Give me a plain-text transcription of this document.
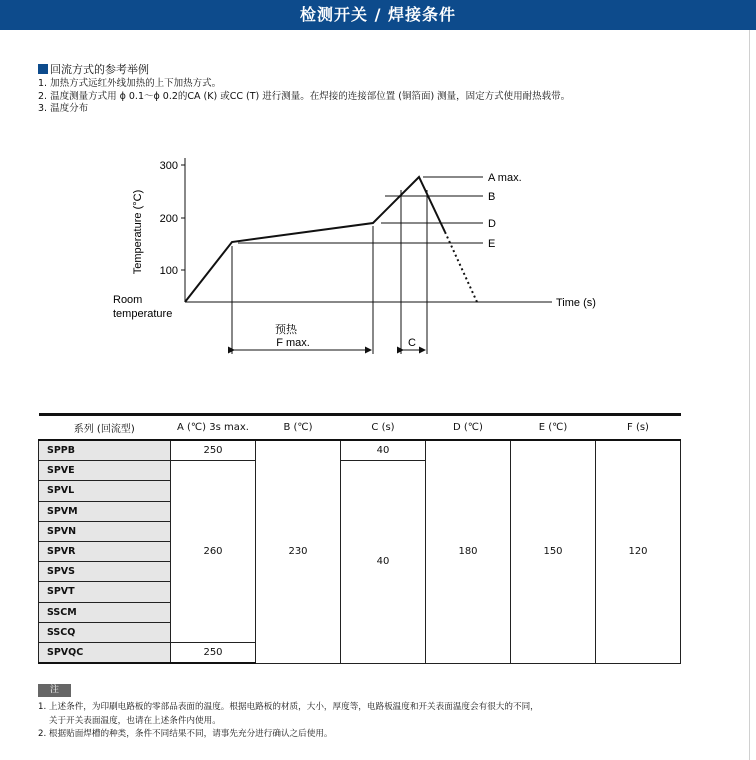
检测开关 / 焊接条件
回流方式的参考举例
1. 加热方式远红外线加热的上下加热方式。
2. 温度测量方式用 ϕ 0.1～ϕ 0.2的CA (K) 或CC (T) 进行测量。在焊接的连接部位置 (铜箔面) 测量，固定方式使用耐热载带。
3. 温度分布
300
200
100
Temperature (°C)
Room
temperature
Time (s)
A max.
B
D
E
预热
F max.	C
系列 (回流型)	A (℃) 3s max.	B (℃)	C (s)	D (℃)	E (℃)	F (s)
SPPB	250	230	40	180	150	120
SPVE	260		40			
SPVL						
SPVM						
SPVN						
SPVR						
SPVS						
SPVT						
SSCM						
SSCQ						
SPVQC	250					
注
1. 上述条件，为印刷电路板的零部品表面的温度。根据电路板的材质，大小，厚度等，电路板温度和开关表面温度会有很大的不同，
关于开关表面温度，也请在上述条件内使用。
2. 根据贴面焊槽的种类，条件不同结果不同，请事先充分进行确认之后使用。
